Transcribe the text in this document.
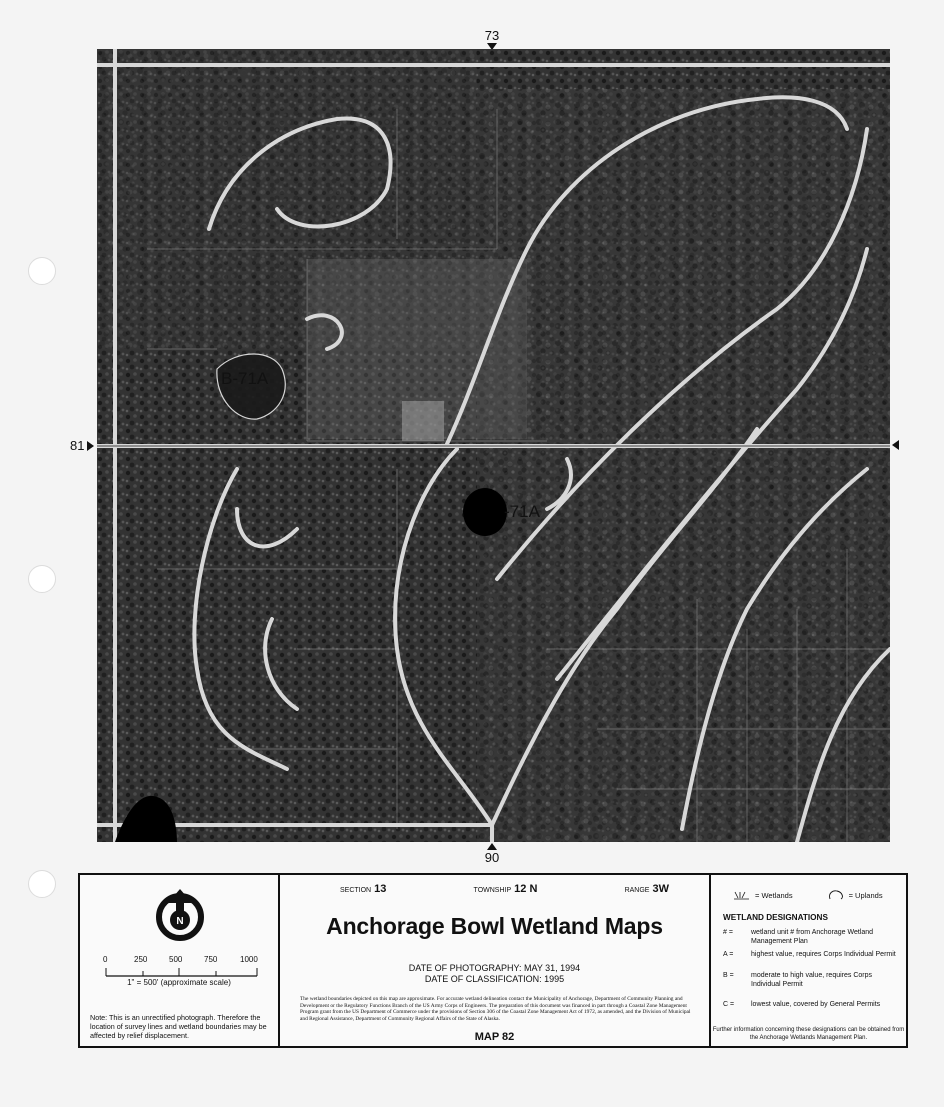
73
90
81
B-71A
-71A
N
0	250	500	750	1000
1" = 500' (approximate scale)
Note: This is an unrectified photograph. Therefore the location of survey lines and wetland boundaries may be affected by relief displacement.
SECTION 13	TOWNSHIP 12 N	RANGE 3W
Anchorage Bowl Wetland Maps
DATE OF PHOTOGRAPHY: MAY 31, 1994
DATE OF CLASSIFICATION: 1995
The wetland boundaries depicted on this map are approximate. For accurate wetland delineation contact the Municipality of Anchorage, Department of Community Planning and Development or the Regulatory Functions Branch of the US Army Corps of Engineers. The preparation of this document was financed in part through a Coastal Zone Management Program grant from the US Department of Commerce under the provisions of Section 306 of the Coastal Zone Management Act of 1972, as amended, and the Division of Municipal and Regional Assistance, Department of Community Regional Affairs of the State of Alaska.
MAP 82
= Wetlands	= Uplands
WETLAND DESIGNATIONS
# =	wetland unit # from Anchorage Wetland Management Plan
A =	highest value, requires Corps Individual Permit
B =	moderate to high value, requires Corps Individual Permit
C =	lowest value, covered by General Permits
Further information concerning these designations can be obtained from the Anchorage Wetlands Management Plan.
